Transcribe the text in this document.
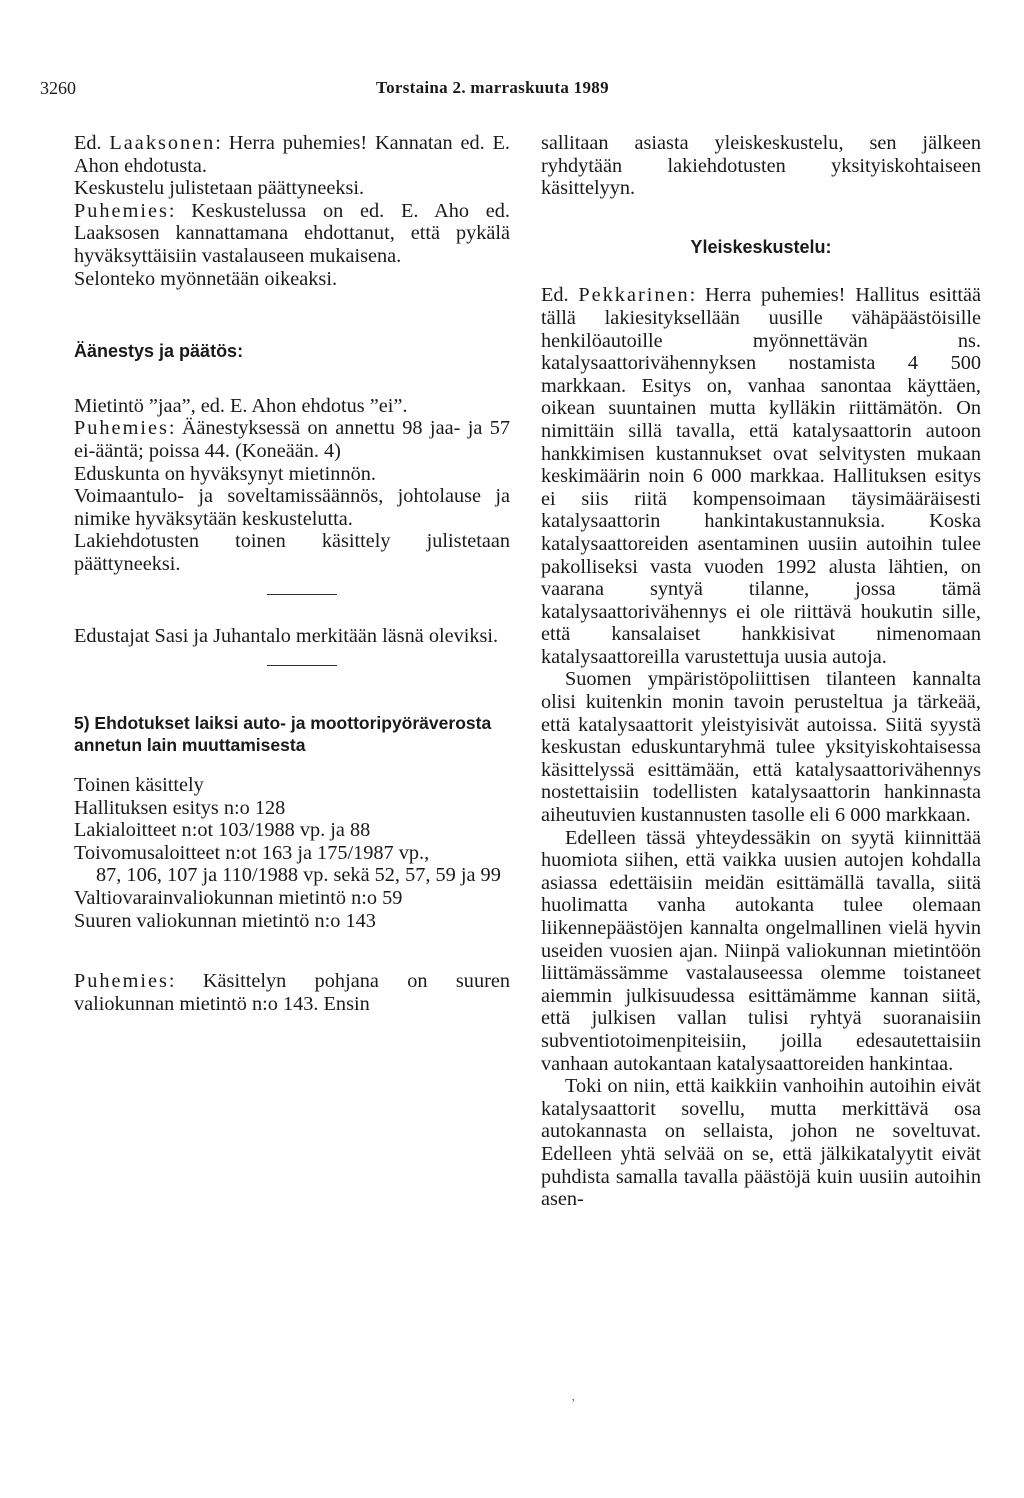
3260	Torstaina 2. marraskuuta 1989

Ed. Laaksonen: Herra puhemies! Kannatan ed. E. Ahon ehdotusta.

Keskustelu julistetaan päättyneeksi.

Puhemies: Keskustelussa on ed. E. Aho ed. Laaksosen kannattamana ehdottanut, että pykälä hyväksyttäisiin vastalauseen mukaisena.

Selonteko myönnetään oikeaksi.

Äänestys ja päätös:

Mietintö ”jaa”, ed. E. Ahon ehdotus ”ei”.

Puhemies: Äänestyksessä on annettu 98 jaa- ja 57 ei-ääntä; poissa 44. (Koneään. 4)

Eduskunta on hyväksynyt mietinnön.

Voimaantulo- ja soveltamissäännös, johtolause ja nimike hyväksytään keskustelutta.

Lakiehdotusten toinen käsittely julistetaan päättyneeksi.

Edustajat Sasi ja Juhantalo merkitään läsnä oleviksi.

5) Ehdotukset laiksi auto- ja moottoripyöräverosta annetun lain muuttamisesta
Toinen käsittely
Hallituksen esitys n:o 128
Lakialoitteet n:ot 103/1988 vp. ja 88
Toivomusaloitteet n:ot 163 ja 175/1987 vp.,
87, 106, 107 ja 110/1988 vp. sekä 52, 57, 59 ja 99
Valtiovarainvaliokunnan mietintö n:o 59
Suuren valiokunnan mietintö n:o 143

Puhemies: Käsittelyn pohjana on suuren valiokunnan mietintö n:o 143. Ensin

sallitaan asiasta yleiskeskustelu, sen jälkeen ryhdytään lakiehdotusten yksityiskohtaiseen käsittelyyn.

Yleiskeskustelu:

Ed. Pekkarinen: Herra puhemies! Hallitus esittää tällä lakiesityksellään uusille vähäpäästöisille henkilöautoille myönnettävän ns. katalysaattorivähennyksen nostamista 4 500 markkaan. Esitys on, vanhaa sanontaa käyttäen, oikean suuntainen mutta kylläkin riittämätön. On nimittäin sillä tavalla, että katalysaattorin autoon hankkimisen kustannukset ovat selvitysten mukaan keskimäärin noin 6 000 markkaa. Hallituksen esitys ei siis riitä kompensoimaan täysimääräisesti katalysaattorin hankintakustannuksia. Koska katalysaattoreiden asentaminen uusiin autoihin tulee pakolliseksi vasta vuoden 1992 alusta lähtien, on vaarana syntyä tilanne, jossa tämä katalysaattorivähennys ei ole riittävä houkutin sille, että kansalaiset hankkisivat nimenomaan katalysaattoreilla varustettuja uusia autoja.

Suomen ympäristöpoliittisen tilanteen kannalta olisi kuitenkin monin tavoin perusteltua ja tärkeää, että katalysaattorit yleistyisivät autoissa. Siitä syystä keskustan eduskuntaryhmä tulee yksityiskohtaisessa käsittelyssä esittämään, että katalysaattorivähennys nostettaisiin todellisten katalysaattorin hankinnasta aiheutuvien kustannusten tasolle eli 6 000 markkaan.

Edelleen tässä yhteydessäkin on syytä kiinnittää huomiota siihen, että vaikka uusien autojen kohdalla asiassa edettäisiin meidän esittämällä tavalla, siitä huolimatta vanha autokanta tulee olemaan liikennepäästöjen kannalta ongelmallinen vielä hyvin useiden vuosien ajan. Niinpä valiokunnan mietintöön liittämässämme vastalauseessa olemme toistaneet aiemmin julkisuudessa esittämämme kannan siitä, että julkisen vallan tulisi ryhtyä suoranaisiin subventiotoimenpiteisiin, joilla edesautettaisiin vanhaan autokantaan katalysaattoreiden hankintaa.

Toki on niin, että kaikkiin vanhoihin autoihin eivät katalysaattorit sovellu, mutta merkittävä osa autokannasta on sellaista, johon ne soveltuvat. Edelleen yhtä selvää on se, että jälkikatalyytit eivät puhdista samalla tavalla päästöjä kuin uusiin autoihin asen-

,
